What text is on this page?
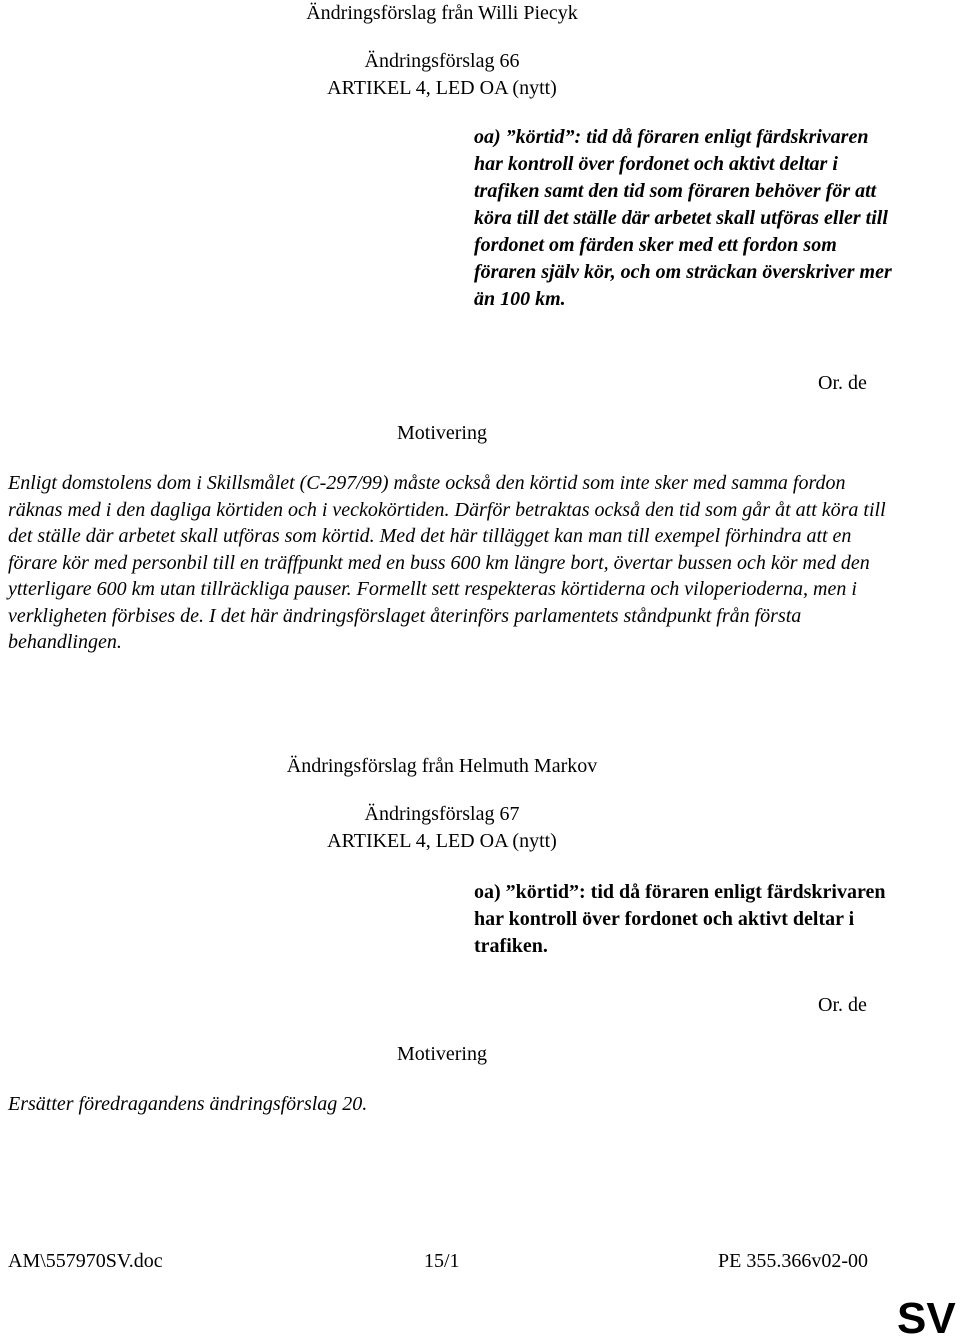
Ändringsförslag från Willi Piecyk
Ändringsförslag 66
ARTIKEL 4, LED OA (nytt)
oa) ”körtid”: tid då föraren enligt färdskrivaren har kontroll över fordonet och aktivt deltar i trafiken samt den tid som föraren behöver för att köra till det ställe där arbetet skall utföras eller till fordonet om färden sker med ett fordon som föraren själv kör, och om sträckan överskriver mer än 100 km.
Or. de
Motivering
Enligt domstolens dom i Skillsmålet (C-297/99) måste också den körtid som inte sker med samma fordon räknas med i den dagliga körtiden och i veckokörtiden. Därför betraktas också den tid som går åt att köra till det ställe där arbetet skall utföras som körtid. Med det här tillägget kan man till exempel förhindra att en förare kör med personbil till en träffpunkt med en buss 600 km längre bort, övertar bussen och kör med den ytterligare 600 km utan tillräckliga pauser. Formellt sett respekteras körtiderna och viloperioderna, men i verkligheten förbises de. I det här ändringsförslaget återinförs parlamentets ståndpunkt från första behandlingen.
Ändringsförslag från Helmuth Markov
Ändringsförslag 67
ARTIKEL 4, LED OA (nytt)
oa) ”körtid”: tid då föraren enligt färdskrivaren har kontroll över fordonet och aktivt deltar i trafiken.
Or. de
Motivering
Ersätter föredragandens ändringsförslag 20.
AM\557970SV.doc	15/1	PE 355.366v02-00
SV
